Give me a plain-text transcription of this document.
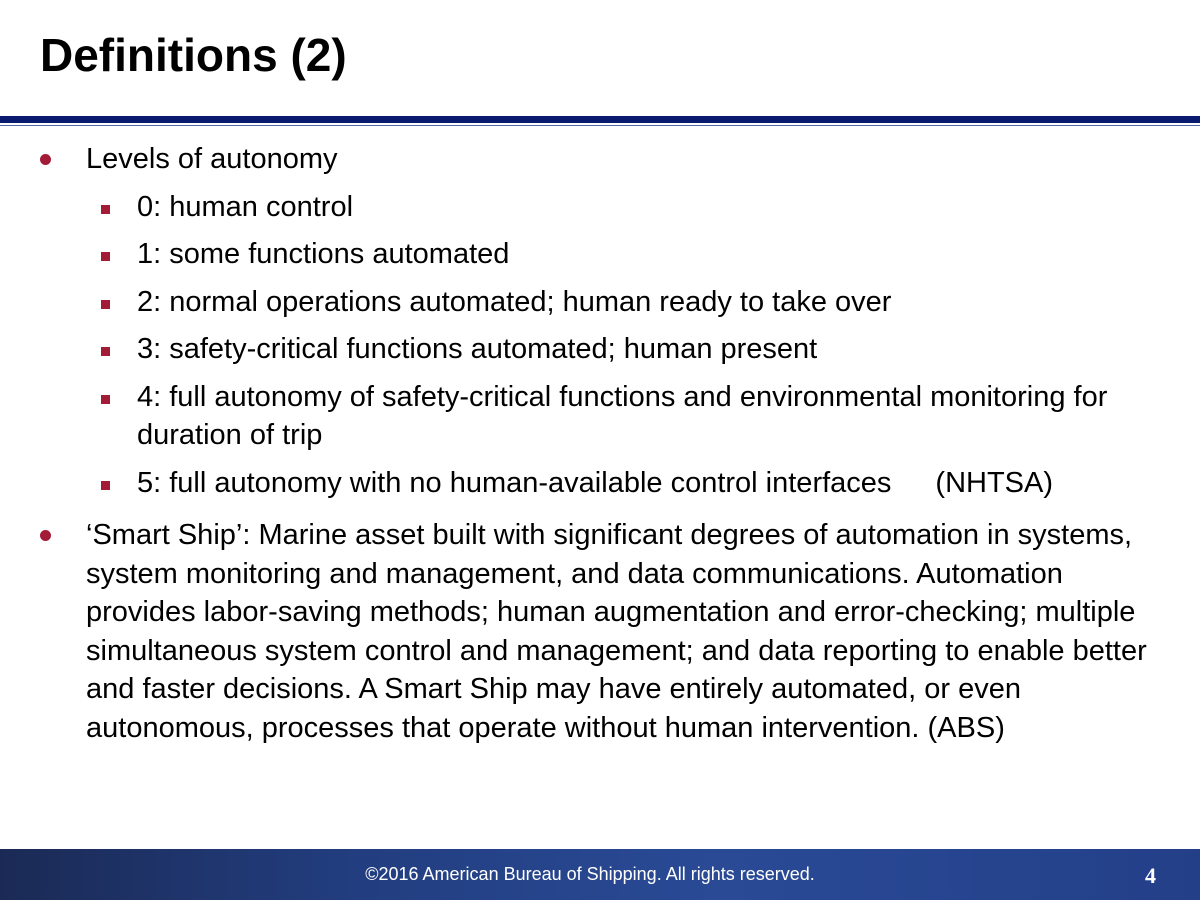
Definitions (2)
Levels of autonomy
0: human control
1: some functions automated
2: normal operations automated; human ready to take over
3: safety-critical functions automated; human present
4: full autonomy of safety-critical functions and environmental monitoring for duration of trip
5: full autonomy with no human-available control interfaces (NHTSA)
‘Smart Ship’: Marine asset built with significant degrees of automation in systems, system monitoring and management, and data communications. Automation provides labor-saving methods; human augmentation and error-checking; multiple simultaneous system control and management; and data reporting to enable better and faster decisions. A Smart Ship may have entirely automated, or even autonomous, processes that operate without human intervention. (ABS)
©2016 American Bureau of Shipping. All rights reserved.	4
